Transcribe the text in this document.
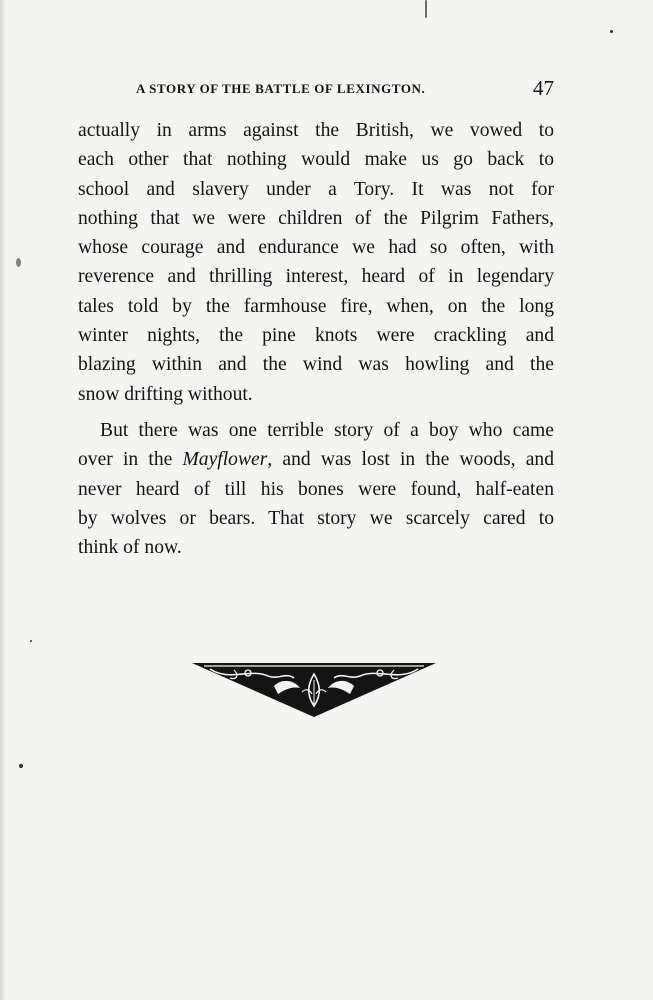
A STORY OF THE BATTLE OF LEXINGTON.	47
actually in arms against the British, we vowed to
each other that nothing would make us go back to
school and slavery under a Tory. It was not for
nothing that we were children of the Pilgrim Fathers,
whose courage and endurance we had so often, with
reverence and thrilling interest, heard of in legendary
tales told by the farmhouse fire, when, on the long
winter nights, the pine knots were crackling and
blazing within and the wind was howling and the
snow drifting without.
But there was one terrible story of a boy who came
over in the Mayflower, and was lost in the woods, and
never heard of till his bones were found, half-eaten
by wolves or bears. That story we scarcely cared to
think of now.
